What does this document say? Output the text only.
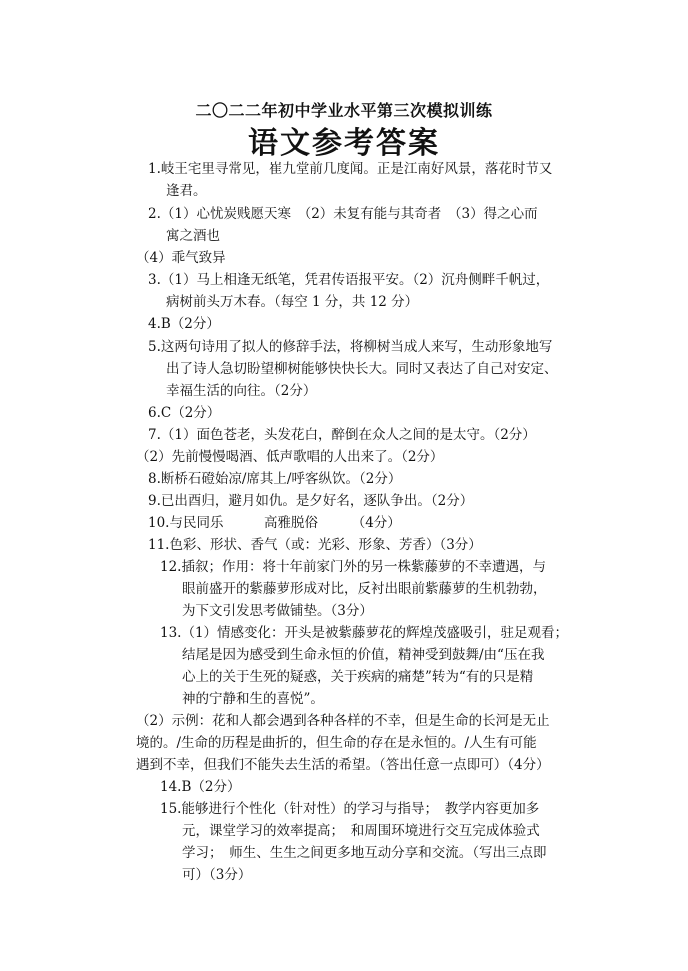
二〇二二年初中学业水平第三次模拟训练
语文参考答案
1.岐王宅里寻常见，崔九堂前几度闻。正是江南好风景，落花时节又
逢君。
2.（1）心忧炭贱愿天寒　（2）未复有能与其奇者　（3）得之心而
寓之酒也
（4）乖气致异
3.（1）马上相逢无纸笔，凭君传语报平安。（2）沉舟侧畔千帆过，
病树前头万木春。（每空 1 分，共 12 分）
4.B（2分）
5.这两句诗用了拟人的修辞手法，将柳树当成人来写，生动形象地写
出了诗人急切盼望柳树能够快快长大。同时又表达了自己对安定、
幸福生活的向往。（2分）
6.C（2分）
7.（1）面色苍老，头发花白，醉倒在众人之间的是太守。（2分）
（2）先前慢慢喝酒、低声歌唱的人出来了。（2分）
8.断桥石磴始凉/席其上/呼客纵饮。（2分）
9.已出酉归，避月如仇。是夕好名，逐队争出。（2分）
10.与民同乐　　　高雅脱俗　　　（4分）
11.色彩、形状、香气（或：光彩、形象、芳香）（3分）
12.插叙；作用：将十年前家门外的另一株紫藤萝的不幸遭遇，与
眼前盛开的紫藤萝形成对比，反衬出眼前紫藤萝的生机勃勃，
为下文引发思考做铺垫。（3分）
13.（1）情感变化：开头是被紫藤萝花的辉煌茂盛吸引，驻足观看；
结尾是因为感受到生命永恒的价值，精神受到鼓舞/由“压在我
心上的关于生死的疑惑，关于疾病的痛楚”转为“有的只是精
神的宁静和生的喜悦”。
（2）示例：花和人都会遇到各种各样的不幸，但是生命的长河是无止
境的。/生命的历程是曲折的，但生命的存在是永恒的。/人生有可能
遇到不幸，但我们不能失去生活的希望。（答出任意一点即可）（4分）
14.B（2分）
15.能够进行个性化（针对性）的学习与指导；　教学内容更加多
元，课堂学习的效率提高；　和周围环境进行交互完成体验式
学习；　师生、生生之间更多地互动分享和交流。（写出三点即
可）（3分）
